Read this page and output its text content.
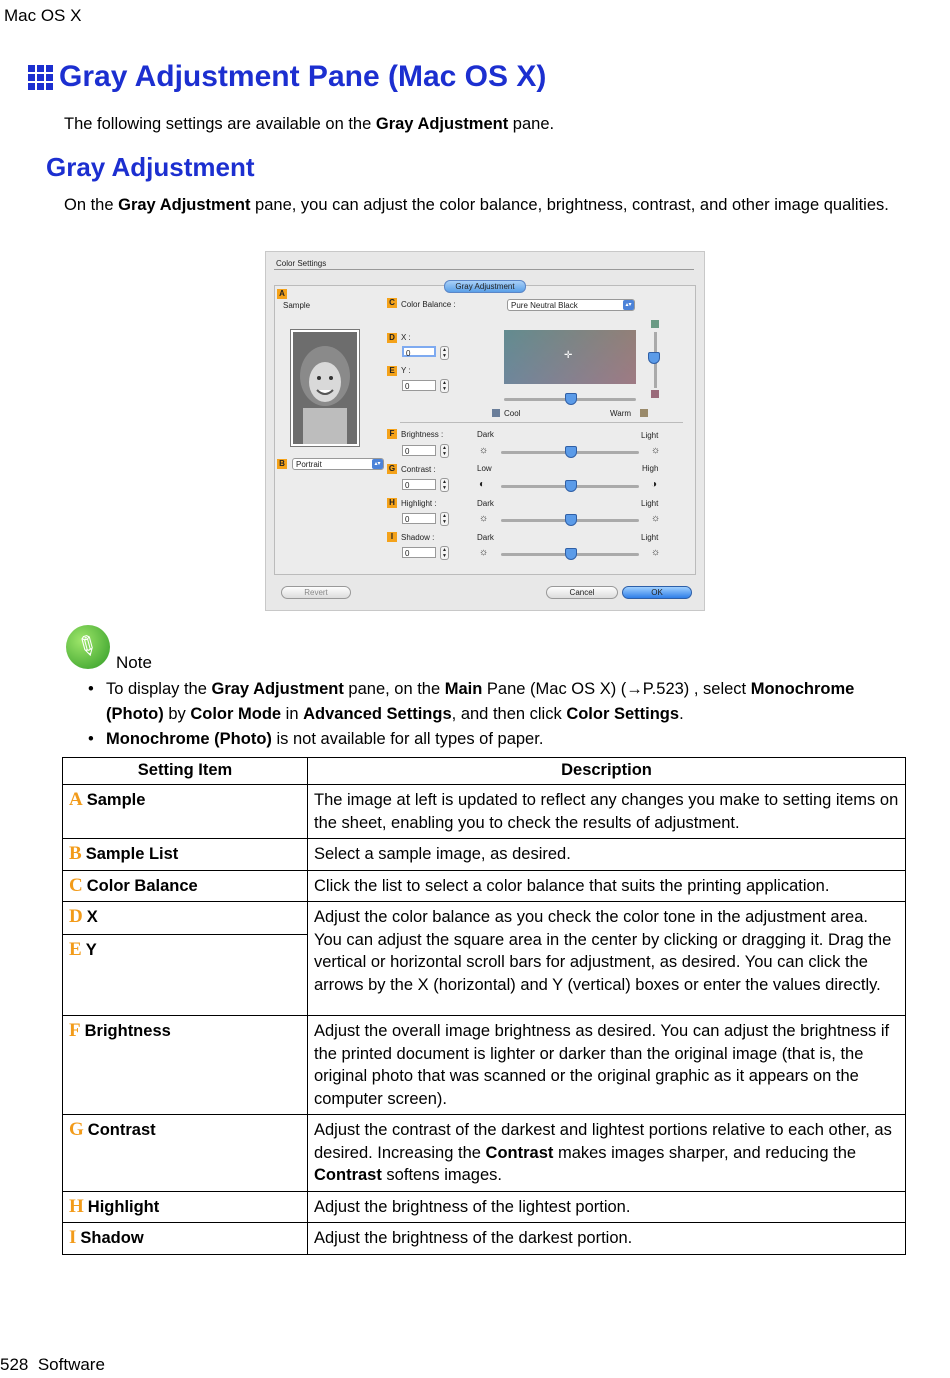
Mac OS X
Gray Adjustment Pane (Mac OS X)
The following settings are available on the Gray Adjustment pane.
Gray Adjustment
On the Gray Adjustment pane, you can adjust the color balance, brightness, contrast, and other image qualities.
Color Settings
Gray Adjustment
A
Sample
B	Portrait	▴▾
C Color Balance :	Pure Neutral Black	▴▾
D X :
0	▲
▼
E Y :
0	▲
▼
✛
Cool	Warm
F Brightness :
0	▲
▼
Dark	Light
☼	☼
G Contrast :
0	▲
▼
Low	High
◐	◑
H Highlight :
0	▲
▼
Dark	Light
☼	☼
I Shadow :
0	▲
▼
Dark	Light
☼	☼
Revert	Cancel	OK
✎ Note
• To display the Gray Adjustment pane, on the Main Pane (Mac OS X) (→P.523) , select Monochrome (Photo) by Color Mode in Advanced Settings, and then click Color Settings.
• Monochrome (Photo) is not available for all types of paper.
Setting Item	Description
A Sample	The image at left is updated to reflect any changes you make to setting items on the sheet, enabling you to check the results of adjustment.
B Sample List	Select a sample image, as desired.
C Color Balance	Click the list to select a color balance that suits the printing application.
D X	Adjust the color balance as you check the color tone in the adjustment area. You can adjust the square area in the center by clicking or dragging it. Drag the vertical or horizontal scroll bars for adjustment, as desired. You can click the arrows by the X (horizontal) and Y (vertical) boxes or enter the values directly.
E Y	
F Brightness	Adjust the overall image brightness as desired. You can adjust the brightness if the printed document is lighter or darker than the original image (that is, the original photo that was scanned or the original graphic as it appears on the computer screen).
G Contrast	Adjust the contrast of the darkest and lightest portions relative to each other, as desired. Increasing the Contrast makes images sharper, and reducing the Contrast softens images.
H Highlight	Adjust the brightness of the lightest portion.
I Shadow	Adjust the brightness of the darkest portion.
528 Software
